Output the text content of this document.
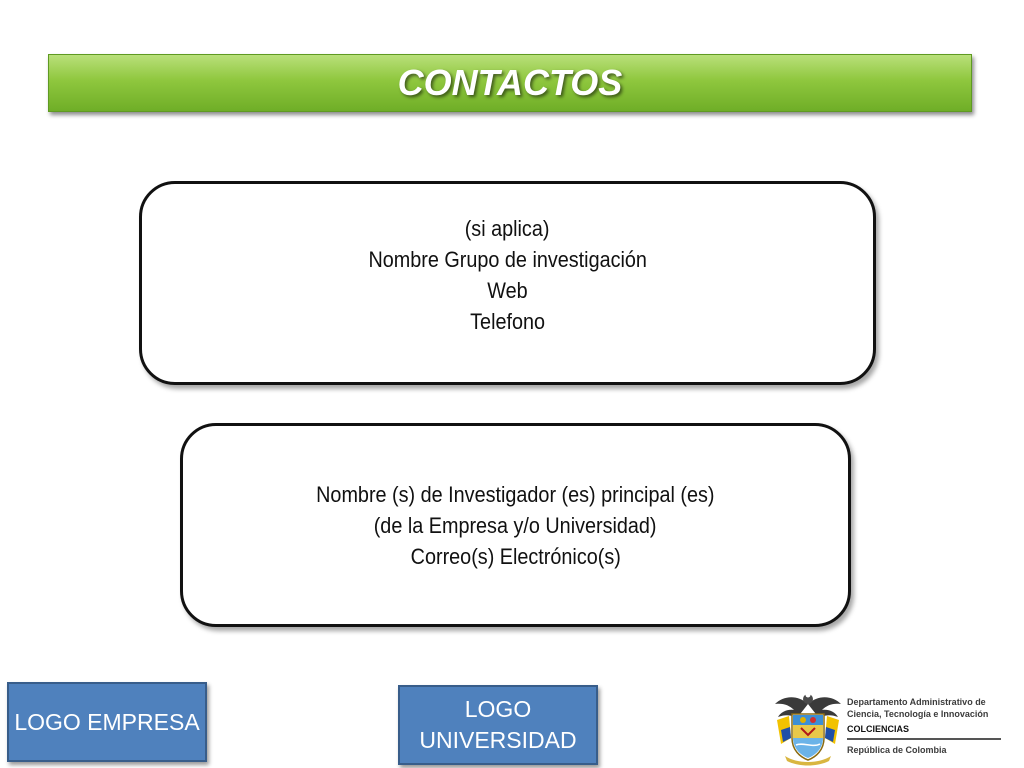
CONTACTOS
(si aplica)
Nombre Grupo de investigación
Web
Telefono
Nombre (s) de Investigador (es) principal (es)
(de la Empresa y/o Universidad)
Correo(s) Electrónico(s)
LOGO EMPRESA	LOGO
UNIVERSIDAD
Departamento Administrativo de
Ciencia, Tecnología e Innovación
COLCIENCIAS
República de Colombia
